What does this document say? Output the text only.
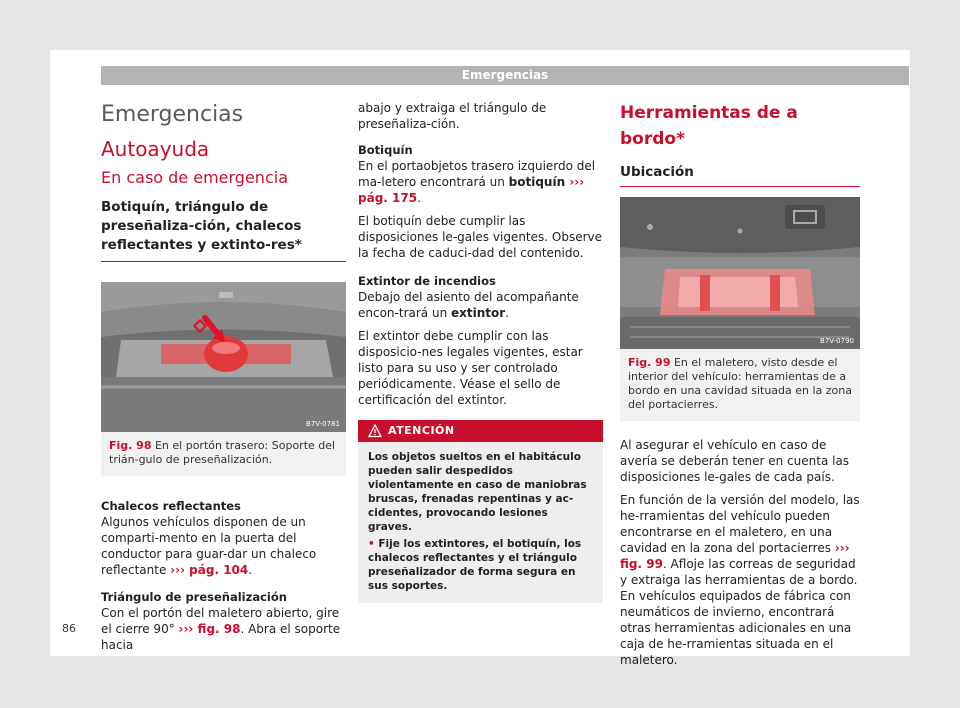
Emergencias
Emergencias
Autoayuda
En caso de emergencia
Botiquín, triángulo de preseñaliza-ción, chalecos reflectantes y extinto-res*
B7V-0781
Fig. 98 En el portón trasero: Soporte del trián-gulo de preseñalización.

Chalecos reflectantes

Algunos vehículos disponen de un comparti-mento en la puerta del conductor para guar-dar un chaleco reflectante ››› pág. 104.

Triángulo de preseñalización

Con el portón del maletero abierto, gire el cierre 90° ››› fig. 98. Abra el soporte hacia

abajo y extraiga el triángulo de preseñaliza-ción.

Botiquín

En el portaobjetos trasero izquierdo del ma-letero encontrará un botiquín ››› pág. 175.

El botiquín debe cumplir las disposiciones le-gales vigentes. Observe la fecha de caduci-dad del contenido.

Extintor de incendios

Debajo del asiento del acompañante encon-trará un extintor.

El extintor debe cumplir con las disposicio-nes legales vigentes, estar listo para su uso y ser controlado periódicamente. Véase el sello de certificación del extintor.

ATENCIÓN
Los objetos sueltos en el habitáculo pueden salir despedidos violentamente en caso de maniobras bruscas, frenadas repentinas y ac-cidentes, provocando lesiones graves.
• Fije los extintores, el botiquín, los chalecos reflectantes y el triángulo preseñalizador de forma segura en sus soportes.
Herramientas de a bordo*
Ubicación
B7V-0790
Fig. 99 En el maletero, visto desde el interior del vehículo: herramientas de a bordo en una cavidad situada en la zona del portacierres.

Al asegurar el vehículo en caso de avería se deberán tener en cuenta las disposiciones le-gales de cada país.

En función de la versión del modelo, las he-rramientas del vehículo pueden encontrarse en el maletero, en una cavidad en la zona del portacierres ››› fig. 99. Afloje las correas de seguridad y extraiga las herramientas de a bordo. En vehículos equipados de fábrica con neumáticos de invierno, encontrará otras herramientas adicionales en una caja de he-rramientas situada en el maletero.

86
